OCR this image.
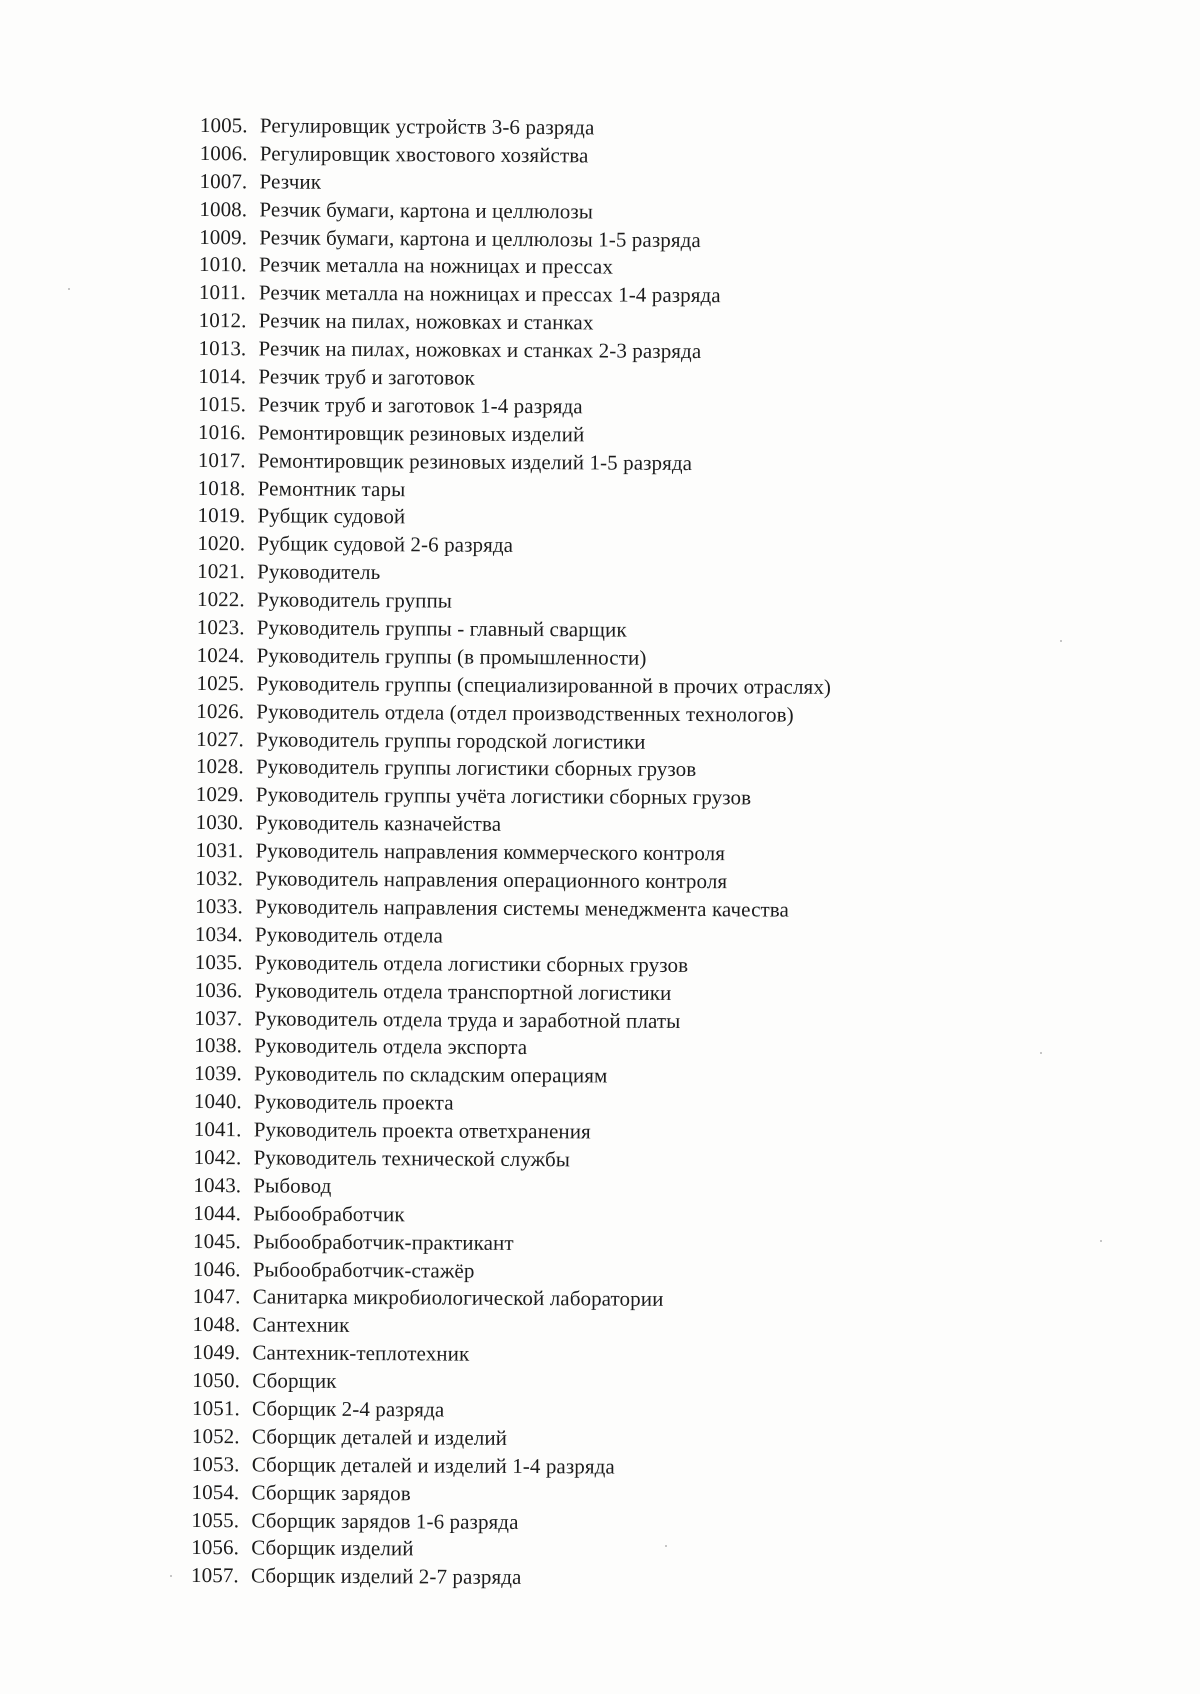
1005. Регулировщик устройств 3-6 разряда
1006. Регулировщик хвостового хозяйства
1007. Резчик
1008. Резчик бумаги, картона и целлюлозы
1009. Резчик бумаги, картона и целлюлозы 1-5 разряда
1010. Резчик металла на ножницах и прессах
1011. Резчик металла на ножницах и прессах 1-4 разряда
1012. Резчик на пилах, ножовках и станках
1013. Резчик на пилах, ножовках и станках 2-3 разряда
1014. Резчик труб и заготовок
1015. Резчик труб и заготовок 1-4 разряда
1016. Ремонтировщик резиновых изделий
1017. Ремонтировщик резиновых изделий 1-5 разряда
1018. Ремонтник тары
1019. Рубщик судовой
1020. Рубщик судовой 2-6 разряда
1021. Руководитель
1022. Руководитель группы
1023. Руководитель группы - главный сварщик
1024. Руководитель группы (в промышленности)
1025. Руководитель группы (специализированной в прочих отраслях)
1026. Руководитель отдела (отдел производственных технологов)
1027. Руководитель группы городской логистики
1028. Руководитель группы логистики сборных грузов
1029. Руководитель группы учёта логистики сборных грузов
1030. Руководитель казначейства
1031. Руководитель направления коммерческого контроля
1032. Руководитель направления операционного контроля
1033. Руководитель направления системы менеджмента качества
1034. Руководитель отдела
1035. Руководитель отдела логистики сборных грузов
1036. Руководитель отдела транспортной логистики
1037. Руководитель отдела труда и заработной платы
1038. Руководитель отдела экспорта
1039. Руководитель по складским операциям
1040. Руководитель проекта
1041. Руководитель проекта ответхранения
1042. Руководитель технической службы
1043. Рыбовод
1044. Рыбообработчик
1045. Рыбообработчик-практикант
1046. Рыбообработчик-стажёр
1047. Санитарка микробиологической лаборатории
1048. Сантехник
1049. Сантехник-теплотехник
1050. Сборщик
1051. Сборщик 2-4 разряда
1052. Сборщик деталей и изделий
1053. Сборщик деталей и изделий 1-4 разряда
1054. Сборщик зарядов
1055. Сборщик зарядов 1-6 разряда
1056. Сборщик изделий
1057. Сборщик изделий 2-7 разряда
